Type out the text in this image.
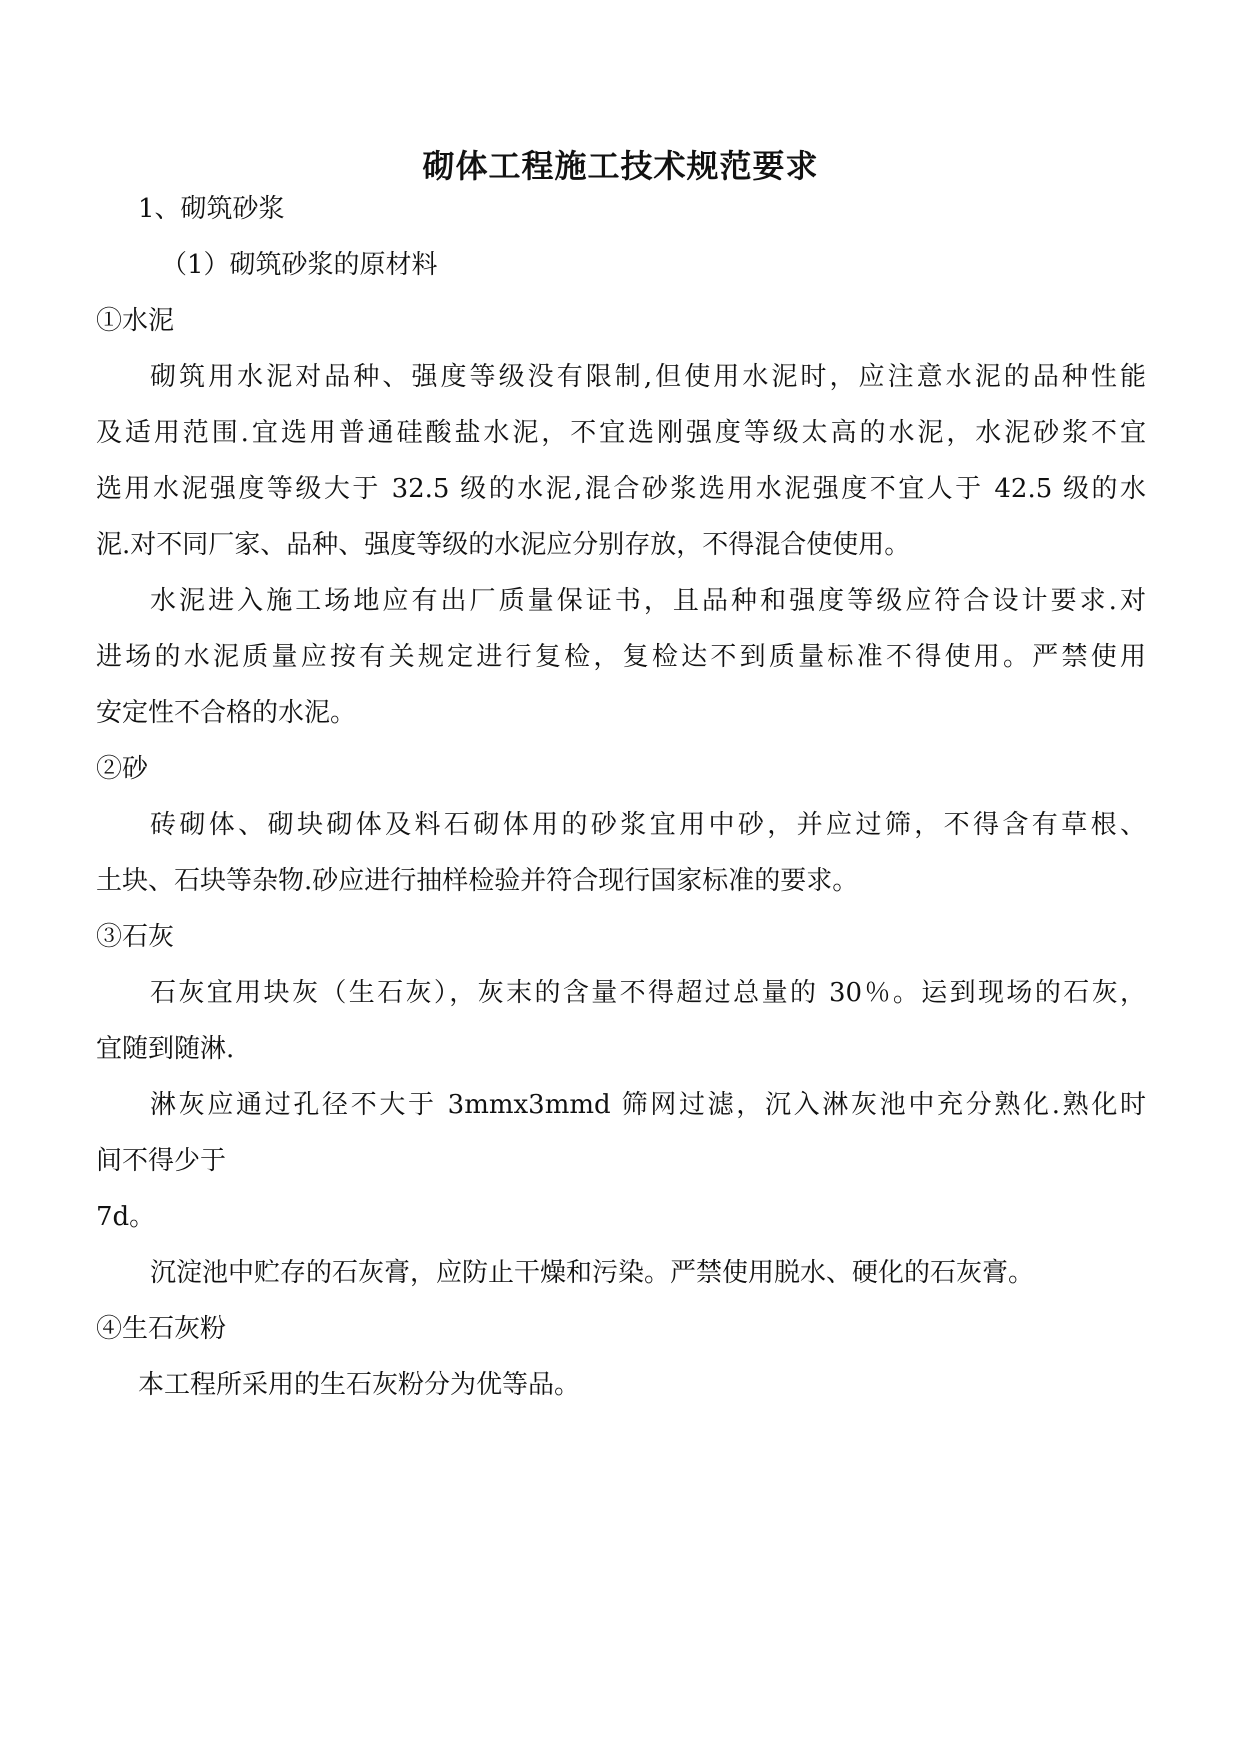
砌体工程施工技术规范要求
1、砌筑砂浆
（1）砌筑砂浆的原材料
①水泥
砌筑用水泥对品种、强度等级没有限制,但使用水泥时，应注意水泥的品种性能
及适用范围.宜选用普通硅酸盐水泥，不宜选刚强度等级太高的水泥，水泥砂浆不宜
选用水泥强度等级大于 32.5 级的水泥,混合砂浆选用水泥强度不宜人于 42.5 级的水
泥.对不同厂家、品种、强度等级的水泥应分别存放，不得混合使使用。
水泥进入施工场地应有出厂质量保证书，且品种和强度等级应符合设计要求.对
进场的水泥质量应按有关规定进行复检，复检达不到质量标准不得使用。严禁使用
安定性不合格的水泥。
②砂
砖砌体、砌块砌体及料石砌体用的砂浆宜用中砂，并应过筛，不得含有草根、
土块、石块等杂物.砂应进行抽样检验并符合现行国家标准的要求。
③石灰
石灰宜用块灰（生石灰），灰末的含量不得超过总量的 30％。运到现场的石灰，
宜随到随淋.
淋灰应通过孔径不大于 3mmx3mmd 筛网过滤，沉入淋灰池中充分熟化.熟化时
间不得少于
7d。
沉淀池中贮存的石灰膏，应防止干燥和污染。严禁使用脱水、硬化的石灰膏。
④生石灰粉
本工程所采用的生石灰粉分为优等品。
